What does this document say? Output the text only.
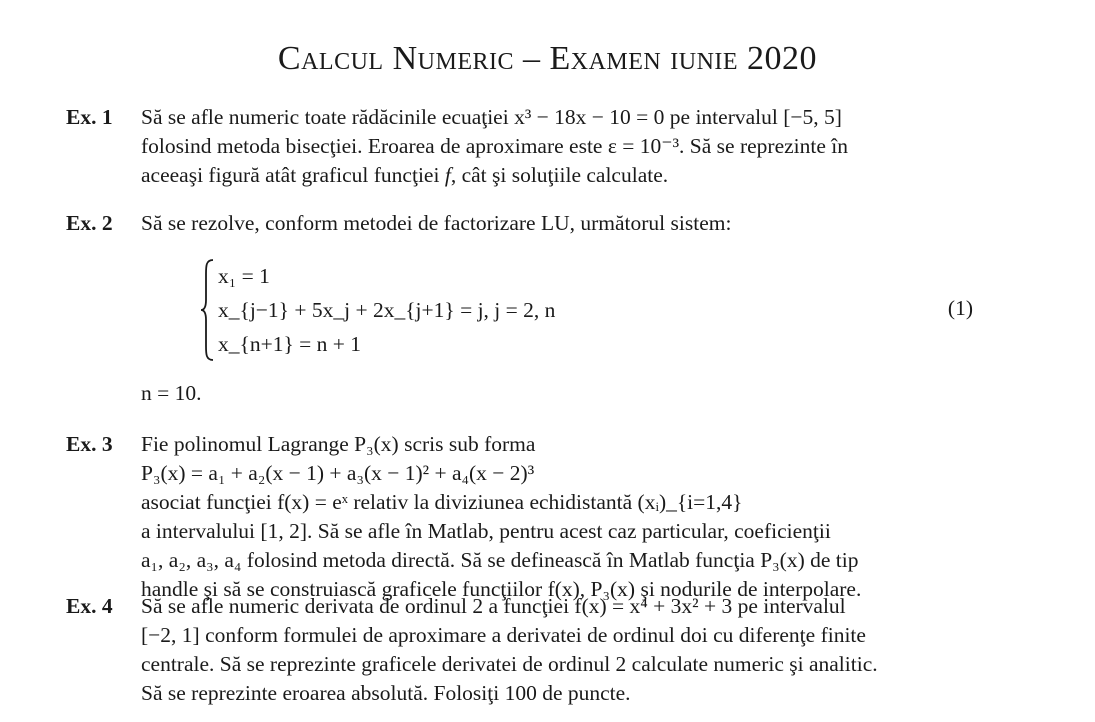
Calcul Numeric – Examen iunie 2020
Ex. 1 Să se afle numeric toate rădăcinile ecuaţiei x³ − 18x − 10 = 0 pe intervalul [−5, 5]
folosind metoda bisecţiei. Eroarea de aproximare este ε = 10⁻³. Să se reprezinte în
aceeaşi figură atât graficul funcţiei f, cât şi soluţiile calculate.
Ex. 2 Să se rezolve, conform metodei de factorizare LU, următorul sistem:
x₁ = 1
x_{j−1} + 5x_j + 2x_{j+1} = j, j = 2, n
x_{n+1} = n + 1
(1)
n = 10.
Ex. 3 Fie polinomul Lagrange P₃(x) scris sub forma
P₃(x) = a₁ + a₂(x − 1) + a₃(x − 1)² + a₄(x − 2)³
asociat funcţiei f(x) = eˣ relativ la diviziunea echidistantă (xᵢ)_{i=1,4}
a intervalului [1, 2]. Să se afle în Matlab, pentru acest caz particular, coeficienţii
a₁, a₂, a₃, a₄ folosind metoda directă. Să se definească în Matlab funcţia P₃(x) de tip
handle şi să se construiască graficele funcţiilor f(x), P₃(x) şi nodurile de interpolare.
Ex. 4 Să se afle numeric derivata de ordinul 2 a funcţiei f(x) = x⁴ + 3x² + 3 pe intervalul
[−2, 1] conform formulei de aproximare a derivatei de ordinul doi cu diferenţe finite
centrale. Să se reprezinte graficele derivatei de ordinul 2 calculate numeric şi analitic.
Să se reprezinte eroarea absolută. Folosiţi 100 de puncte.
